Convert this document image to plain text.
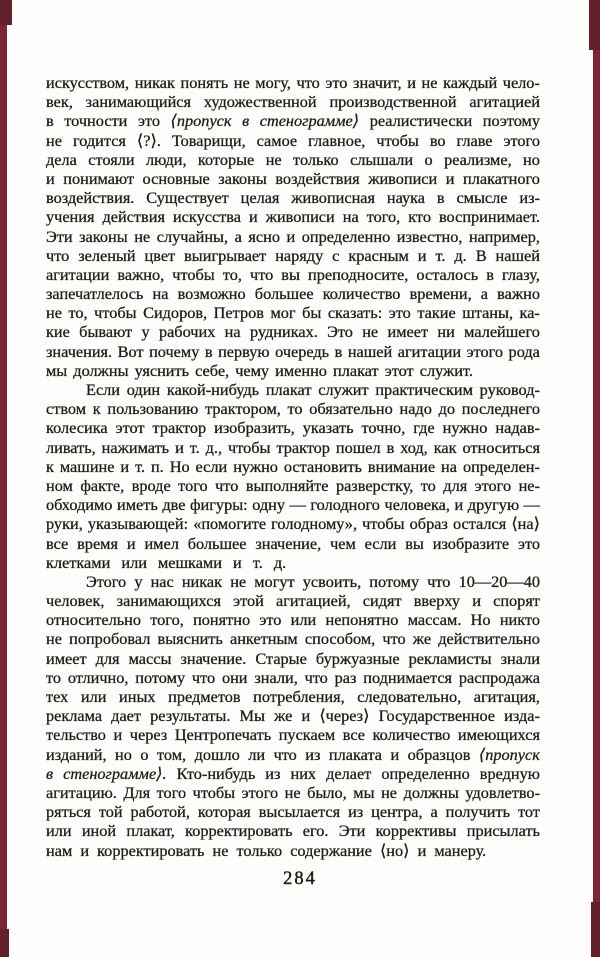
искусством, никак понять не могу, что это значит, и не каждый чело-
век, занимающийся художественной производственной агитацией
в точности это ⟨пропуск в стенограмме⟩ реалистически поэтому
не годится ⟨?⟩. Товарищи, самое главное, чтобы во главе этого
дела стояли люди, которые не только слышали о реализме, но
и понимают основные законы воздействия живописи и плакатного
воздействия. Существует целая живописная наука в смысле из-
учения действия искусства и живописи на того, кто воспринимает.
Эти законы не случайны, а ясно и определенно известно, например,
что зеленый цвет выигрывает наряду с красным и т. д. В нашей
агитации важно, чтобы то, что вы преподносите, осталось в глазу,
запечатлелось на возможно большее количество времени, а важно
не то, чтобы Сидоров, Петров мог бы сказать: это такие штаны, ка-
кие бывают у рабочих на рудниках. Это не имеет ни малейшего
значения. Вот почему в первую очередь в нашей агитации этого рода
мы должны уяснить себе, чему именно плакат этот служит.
Если один какой-нибудь плакат служит практическим руковод-
ством к пользованию трактором, то обязательно надо до последнего
колесика этот трактор изобразить, указать точно, где нужно надав-
ливать, нажимать и т. д., чтобы трактор пошел в ход, как относиться
к машине и т. п. Но если нужно остановить внимание на определен-
ном факте, вроде того что выполняйте разверстку, то для этого не-
обходимо иметь две фигуры: одну — голодного человека, и другую —
руки, указывающей: «помогите голодному», чтобы образ остался ⟨на⟩
все время и имел большее значение, чем если вы изобразите это
клетками или мешками и т. д.
Этого у нас никак не могут усвоить, потому что 10—20—40
человек, занимающихся этой агитацией, сидят вверху и спорят
относительно того, понятно это или непонятно массам. Но никто
не попробовал выяснить анкетным способом, что же действительно
имеет для массы значение. Старые буржуазные рекламисты знали
то отлично, потому что они знали, что раз поднимается распродажа
тех или иных предметов потребления, следовательно, агитация,
реклама дает результаты. Мы же и ⟨через⟩ Государственное изда-
тельство и через Центропечать пускаем все количество имеющихся
изданий, но о том, дошло ли что из плаката и образцов ⟨пропуск
в стенограмме⟩. Кто-нибудь из них делает определенно вредную
агитацию. Для того чтобы этого не было, мы не должны удовлетво-
ряться той работой, которая высылается из центра, а получить тот
или иной плакат, корректировать его. Эти коррективы присылать
нам и корректировать не только содержание ⟨но⟩ и манеру.
284
